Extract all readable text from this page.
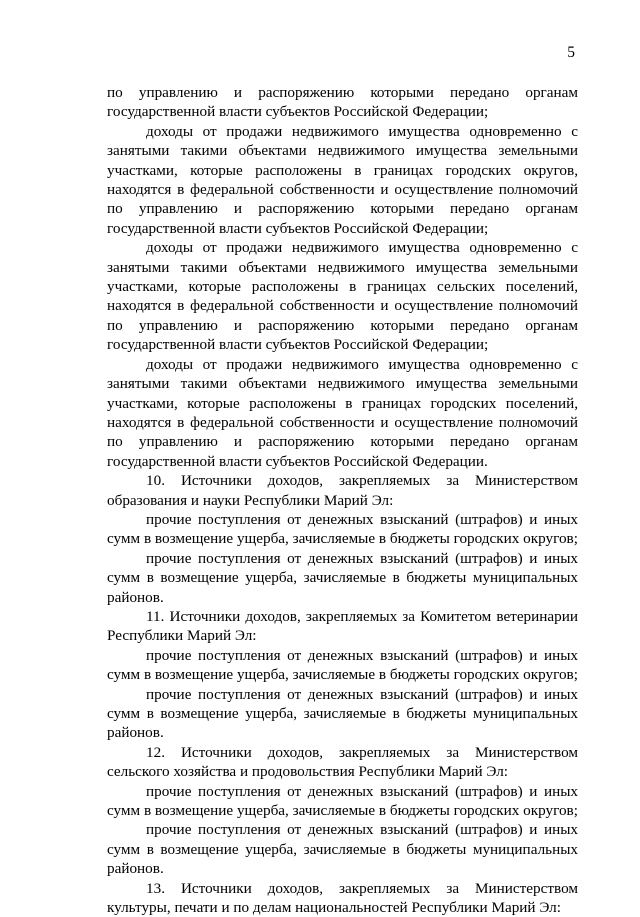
5

по управлению и распоряжению которыми передано органам государственной власти субъектов Российской Федерации;

доходы от продажи недвижимого имущества одновременно с занятыми такими объектами недвижимого имущества земельными участками, которые расположены в границах городских округов, находятся в федеральной собственности и осуществление полномочий по управлению и распоряжению которыми передано органам государственной власти субъектов Российской Федерации;

доходы от продажи недвижимого имущества одновременно с занятыми такими объектами недвижимого имущества земельными участками, которые расположены в границах сельских поселений, находятся в федеральной собственности и осуществление полномочий по управлению и распоряжению которыми передано органам государственной власти субъектов Российской Федерации;

доходы от продажи недвижимого имущества одновременно с занятыми такими объектами недвижимого имущества земельными участками, которые расположены в границах городских поселений, находятся в федеральной собственности и осуществление полномочий по управлению и распоряжению которыми передано органам государственной власти субъектов Российской Федерации.

10. Источники доходов, закрепляемых за Министерством образования и науки Республики Марий Эл:

прочие поступления от денежных взысканий (штрафов) и иных сумм в возмещение ущерба, зачисляемые в бюджеты городских округов;

прочие поступления от денежных взысканий (штрафов) и иных сумм в возмещение ущерба, зачисляемые в бюджеты муниципальных районов.

11. Источники доходов, закрепляемых за Комитетом ветеринарии Республики Марий Эл:

прочие поступления от денежных взысканий (штрафов) и иных сумм в возмещение ущерба, зачисляемые в бюджеты городских округов;

прочие поступления от денежных взысканий (штрафов) и иных сумм в возмещение ущерба, зачисляемые в бюджеты муниципальных районов.

12. Источники доходов, закрепляемых за Министерством сельского хозяйства и продовольствия Республики Марий Эл:

прочие поступления от денежных взысканий (штрафов) и иных сумм в возмещение ущерба, зачисляемые в бюджеты городских округов;

прочие поступления от денежных взысканий (штрафов) и иных сумм в возмещение ущерба, зачисляемые в бюджеты муниципальных районов.

13. Источники доходов, закрепляемых за Министерством культуры, печати и по делам национальностей Республики Марий Эл:
